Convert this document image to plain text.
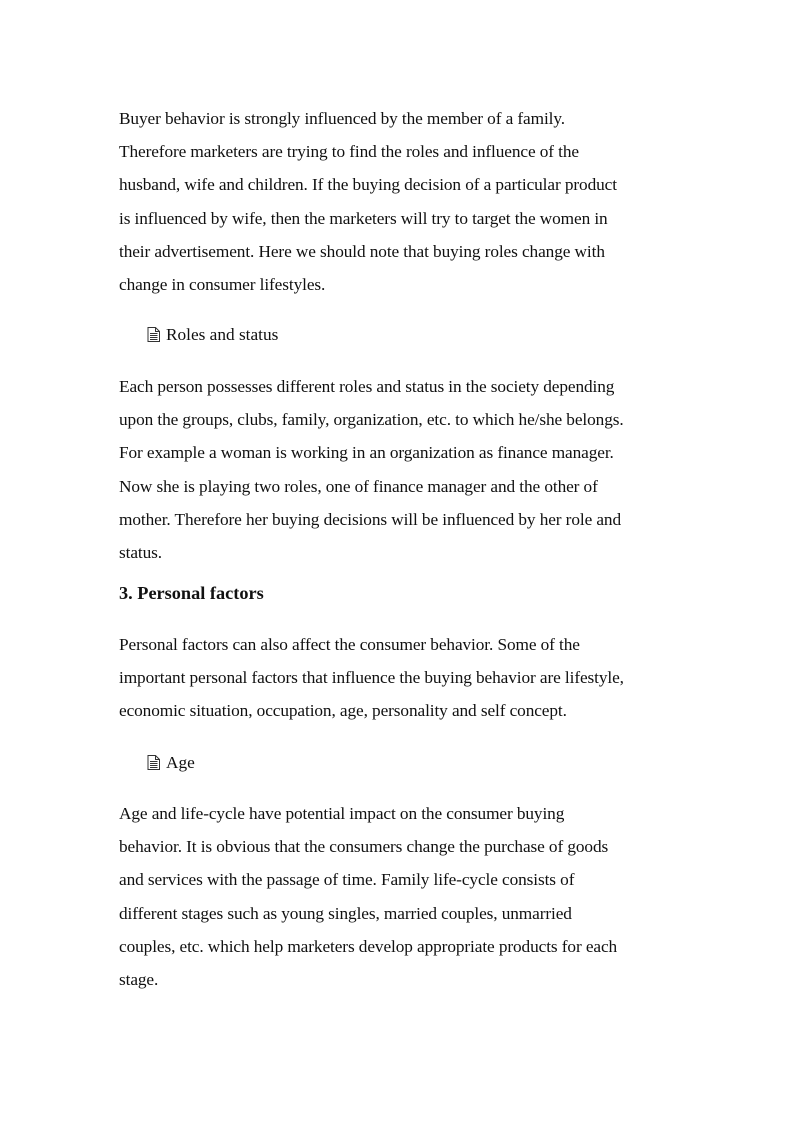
Buyer behavior is strongly influenced by the member of a family.
Therefore marketers are trying to find the roles and influence of the
husband, wife and children. If the buying decision of a particular product
is influenced by wife, then the marketers will try to target the women in
their advertisement. Here we should note that buying roles change with
change in consumer lifestyles.

Roles and status

Each person possesses different roles and status in the society depending
upon the groups, clubs, family, organization, etc. to which he/she belongs.
For example a woman is working in an organization as finance manager.
Now she is playing two roles, one of finance manager and the other of
mother. Therefore her buying decisions will be influenced by her role and
status.

3. Personal factors

Personal factors can also affect the consumer behavior. Some of the
important personal factors that influence the buying behavior are lifestyle,
economic situation, occupation, age, personality and self concept.

Age

Age and life-cycle have potential impact on the consumer buying
behavior. It is obvious that the consumers change the purchase of goods
and services with the passage of time. Family life-cycle consists of
different stages such as young singles, married couples, unmarried
couples, etc. which help marketers develop appropriate products for each
stage.
